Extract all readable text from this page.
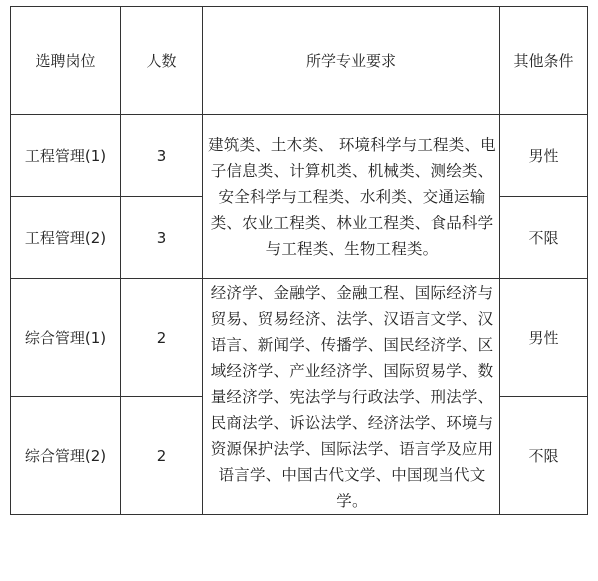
选聘岗位	人数	所学专业要求	其他条件
工程管理(1)	3	建筑类、土木类、 环境科学与工程类、电子信息类、计算机类、机械类、测绘类、安全科学与工程类、水利类、交通运输类、农业工程类、林业工程类、食品科学与工程类、生物工程类。	男性
工程管理(2)	3		不限
综合管理(1)	2	经济学、金融学、金融工程、国际经济与贸易、贸易经济、法学、汉语言文学、汉语言、新闻学、传播学、国民经济学、区域经济学、产业经济学、国际贸易学、数量经济学、宪法学与行政法学、刑法学、民商法学、诉讼法学、经济法学、环境与资源保护法学、国际法学、语言学及应用语言学、中国古代文学、中国现当代文学。	男性
综合管理(2)	2		不限
